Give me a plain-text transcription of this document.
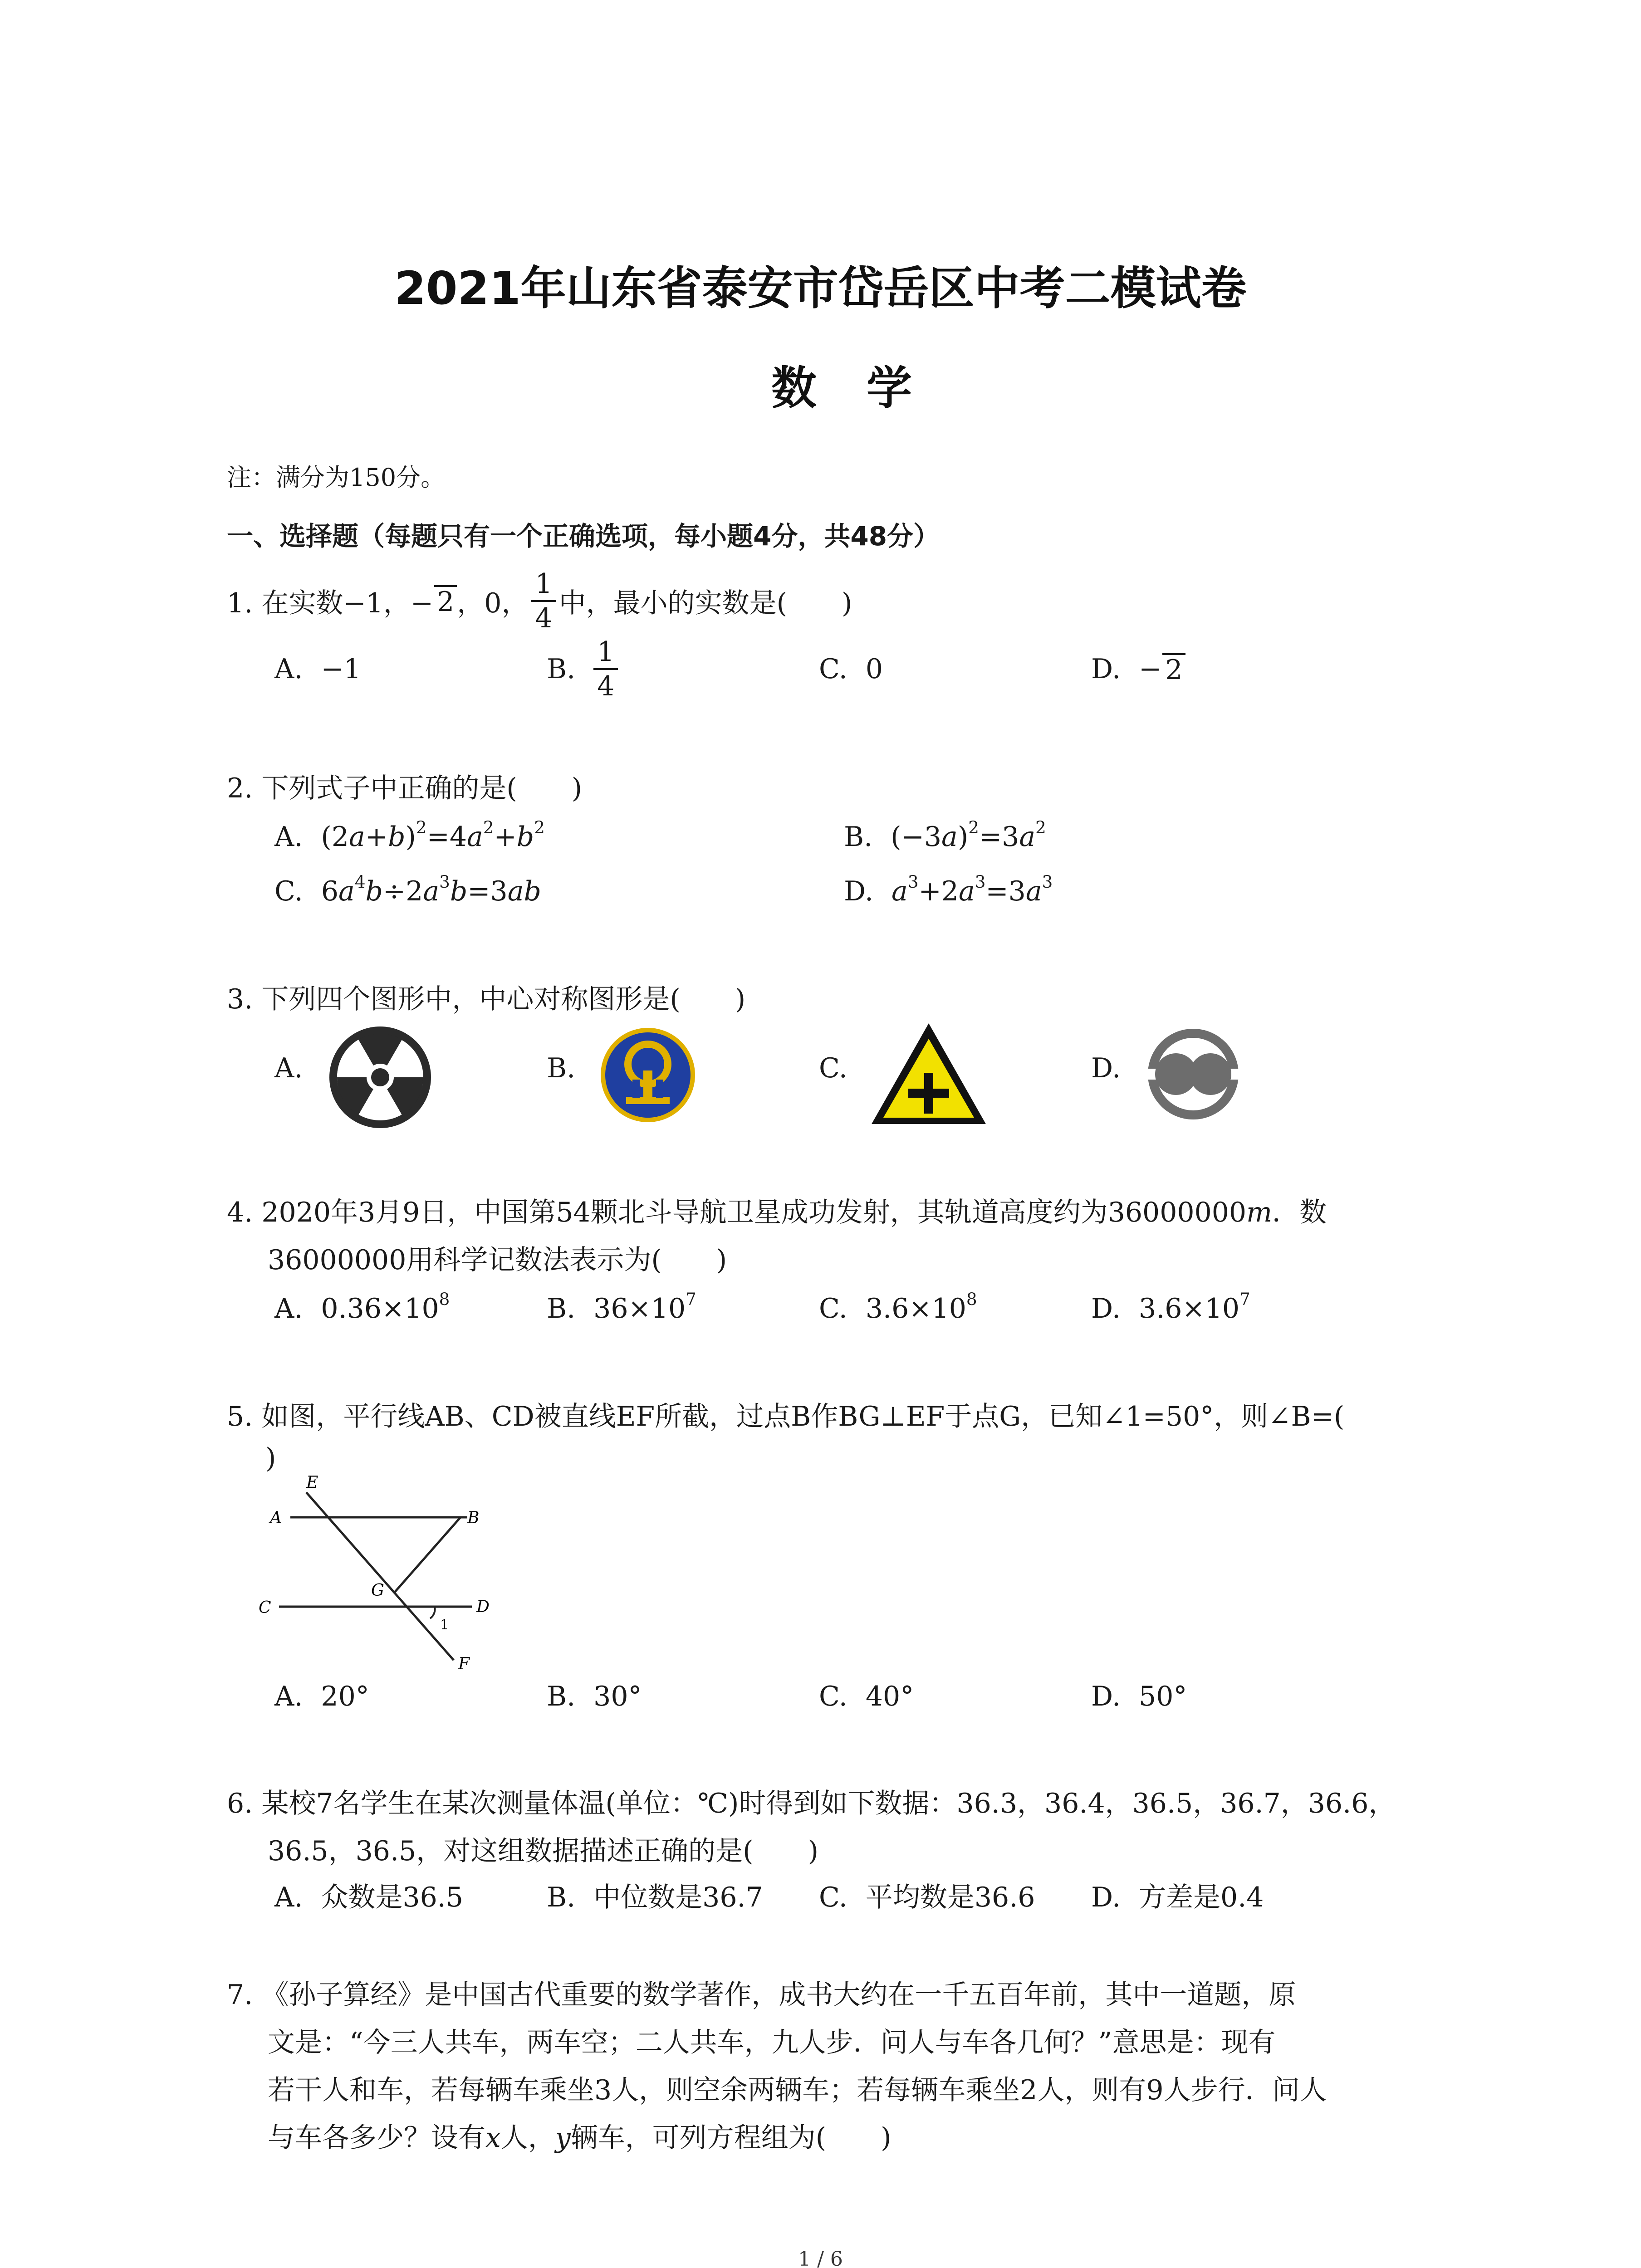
2021年山东省泰安市岱岳区中考二模试卷
数学
注：满分为150分。
一、选择题（每题只有一个正确选项，每小题4分，共48分）
1. 在实数−1，− 2 ，0， $\frac{1}{4}$ 中，最小的实数是(　　)
A. −1	B. $\frac{1}{4}$	C. 0	D. − 2
2. 下列式子中正确的是(　　)
A. $(2a+b)^2=4a^2+b^2$	B. $(-3a)^2=3a^2$
C. $6a^4b\div 2a^3b=3ab$	D. $a^3+2a^3=3a^3$
3. 下列四个图形中，中心对称图形是(　　)
A.	B.	C.	D.
4. 2020年3月9日，中国第54颗北斗导航卫星成功发射，其轨道高度约为36000000m．数
36000000用科学记数法表示为(　　)
A. $0.36\times 10^8$	B. $36\times 10^7$	C. $3.6\times 10^8$	D. $3.6\times 10^7$
5. 如图，平行线AB、CD被直线EF所截，过点B作BG⊥EF于点G，已知∠1=50°，则∠B=(
)
E
A	B
G
C	D
1
F
A. 20°	B. 30°	C. 40°	D. 50°
6. 某校7名学生在某次测量体温(单位：℃)时得到如下数据：36.3，36.4，36.5，36.7，36.6，
36.5，36.5，对这组数据描述正确的是(　　)
A. 众数是36.5	B. 中位数是36.7 C. 平均数是36.6 D. 方差是0.4
7. 《孙子算经》是中国古代重要的数学著作，成书大约在一千五百年前，其中一道题，原
文是：“今三人共车，两车空；二人共车，九人步．问人与车各几何？”意思是：现有
若干人和车，若每辆车乘坐3人，则空余两辆车；若每辆车乘坐2人，则有9人步行．问人
与车各多少？设有x人，y辆车，可列方程组为(　　)
1 / 6
